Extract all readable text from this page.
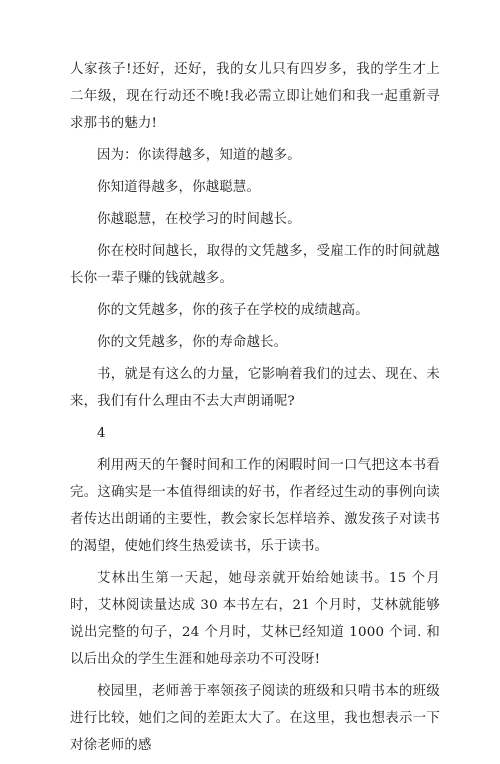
人家孩子!还好，还好，我的女儿只有四岁多，我的学生才上二年级，现在行动还不晚!我必需立即让她们和我一起重新寻求那书的魅力!

因为：你读得越多，知道的越多。

你知道得越多，你越聪慧。

你越聪慧，在校学习的时间越长。

你在校时间越长，取得的文凭越多，受雇工作的时间就越长你一辈子赚的钱就越多。

你的文凭越多，你的孩子在学校的成绩越高。

你的文凭越多，你的寿命越长。

书，就是有这么的力量，它影响着我们的过去、现在、未来，我们有什么理由不去大声朗诵呢?

4

利用两天的午餐时间和工作的闲暇时间一口气把这本书看完。这确实是一本值得细读的好书，作者经过生动的事例向读者传达出朗诵的主要性，教会家长怎样培养、激发孩子对读书的渴望，使她们终生热爱读书，乐于读书。

艾林出生第一天起，她母亲就开始给她读书。15 个月时，艾林阅读量达成 30 本书左右，21 个月时，艾林就能够说出完整的句子，24 个月时，艾林已经知道 1000 个词. 和以后出众的学生生涯和她母亲功不可没呀!

校园里，老师善于率领孩子阅读的班级和只啃书本的班级进行比较，她们之间的差距太大了。在这里，我也想表示一下对徐老师的感
